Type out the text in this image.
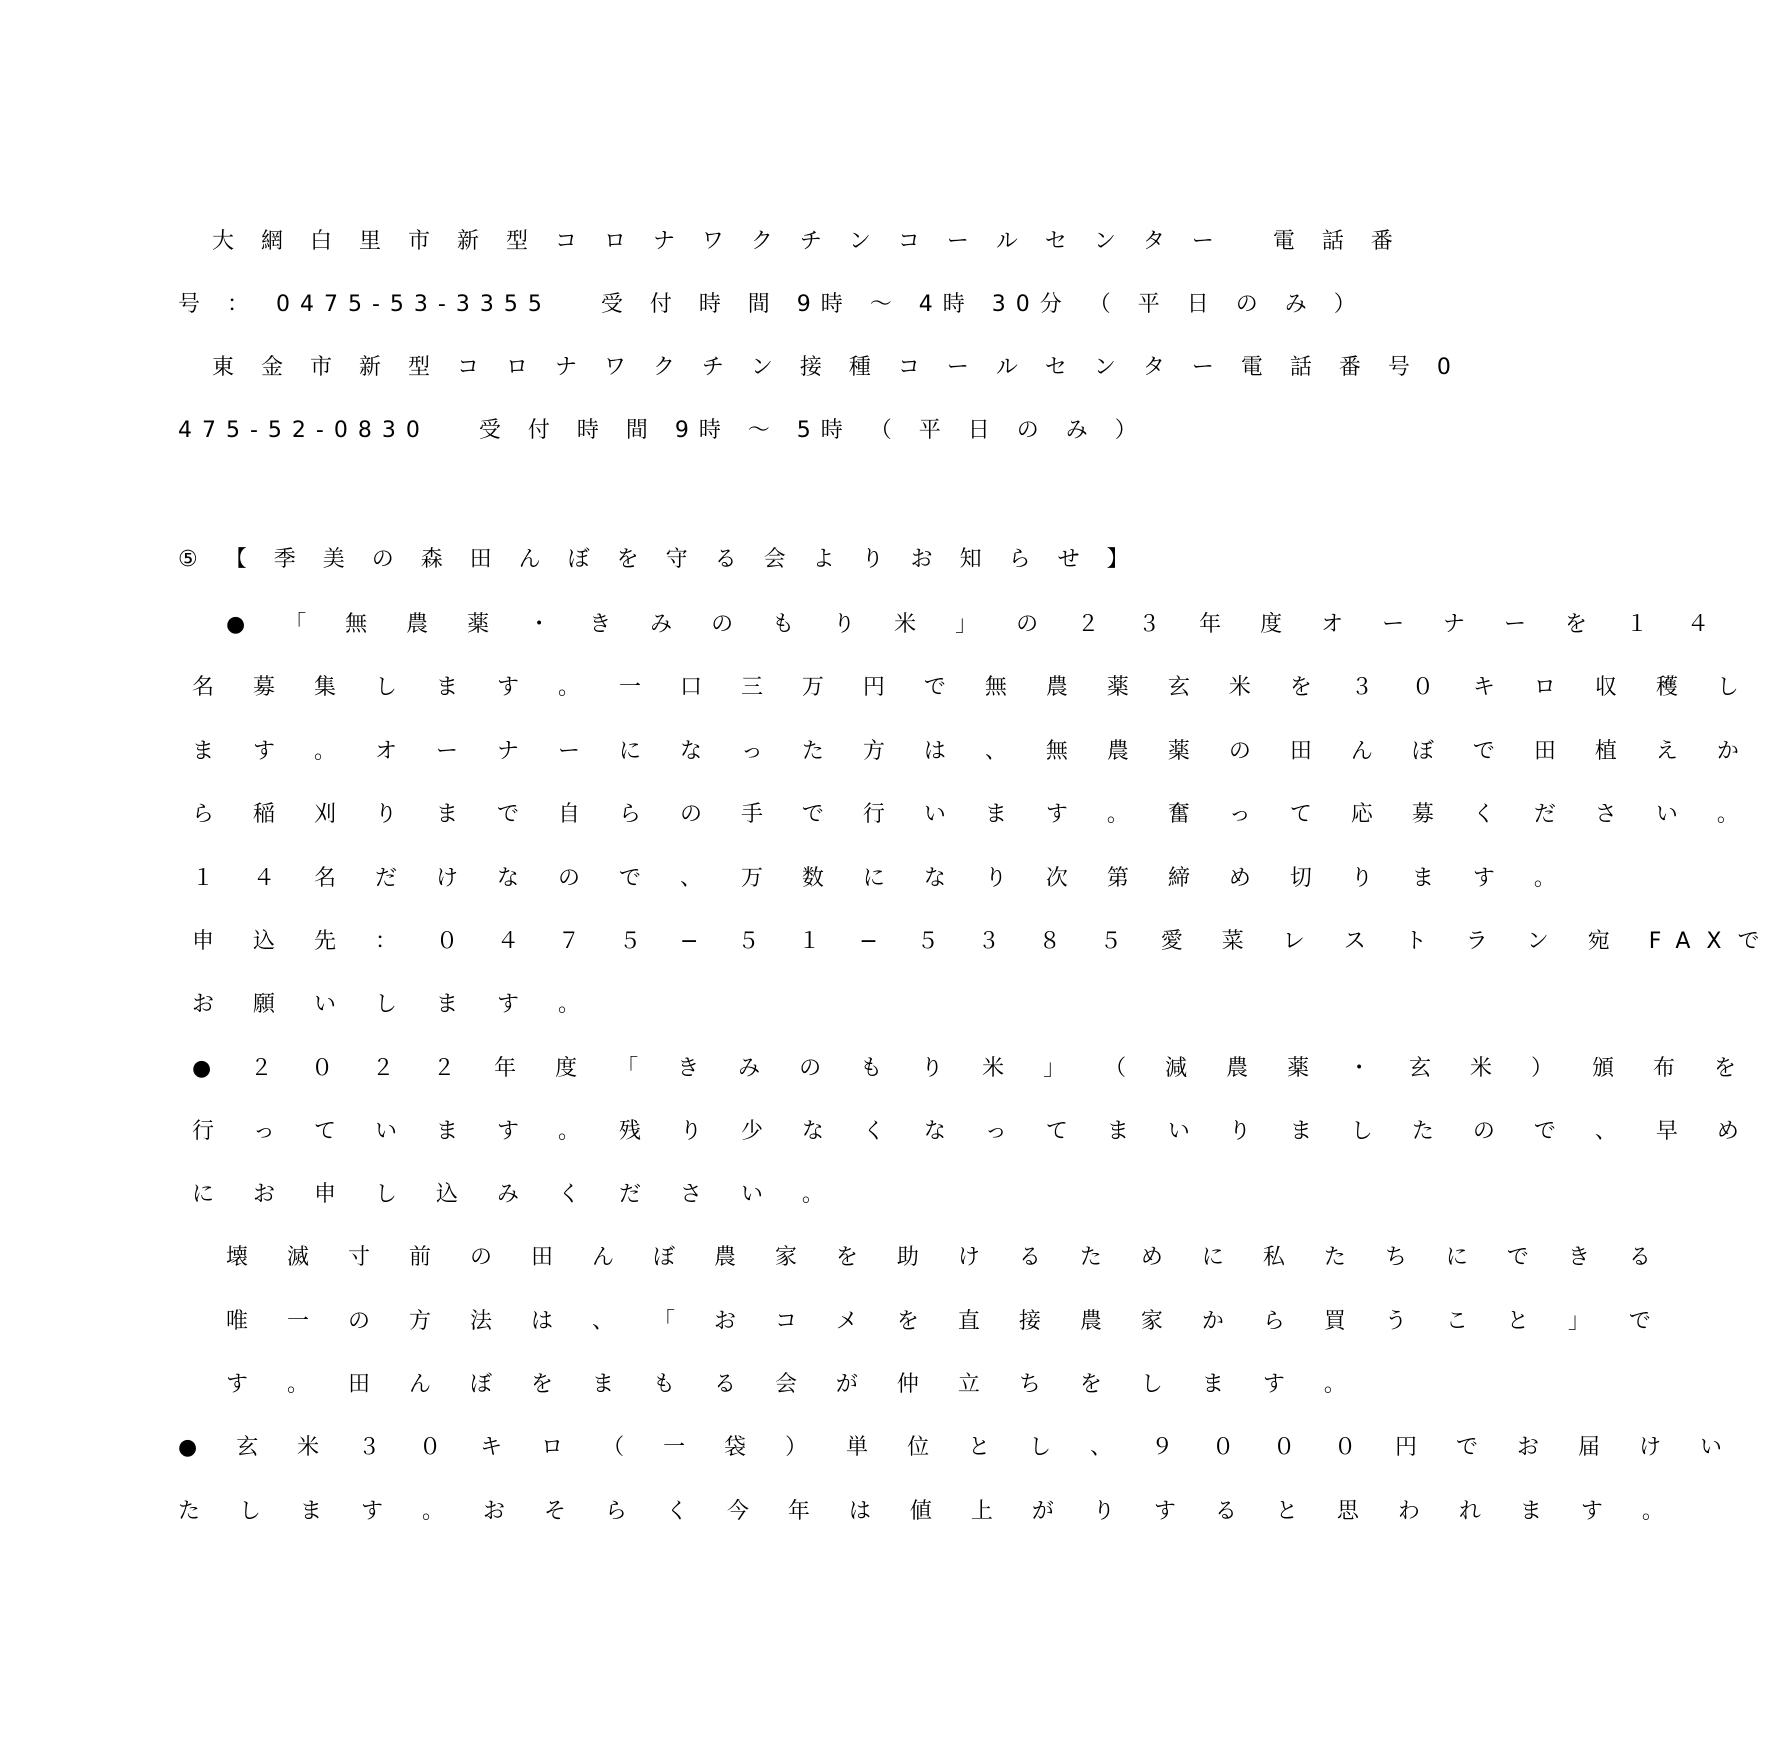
大 網 白 里 市 新 型 コ ロ ナ ワ ク チ ン コ ー ル セ ン タ ー　 電 話 番
号 ： 0475-53-3355　 受 付 時 間 9時 ～ 4時 30分 （ 平 日 の み ）
東 金 市 新 型 コ ロ ナ ワ ク チ ン 接 種 コ ー ル セ ン タ ー 電 話 番 号 0
475-52-0830　 受 付 時 間 9時 ～ 5時 （ 平 日 の み ）
⑤ 【 季 美 の 森 田 ん ぼ を 守 る 会 よ り お 知 ら せ 】
● 「 無 農 薬 ・ き み の も り 米 」 の ２ ３ 年 度 オ ー ナ ー を １ ４
名 募 集 し ま す 。 一 口 三 万 円 で 無 農 薬 玄 米 を ３ ０ キ ロ 収 穫 し
ま す 。 オ ー ナ ー に な っ た 方 は 、 無 農 薬 の 田 ん ぼ で 田 植 え か
ら 稲 刈 り ま で 自 ら の 手 で 行 い ま す 。 奮 っ て 応 募 く だ さ い 。
１ ４ 名 だ け な の で 、 万 数 に な り 次 第 締 め 切 り ま す 。
申 込 先 ： ０ ４ ７ ５ − ５ １ − ５ ３ ８ ５ 愛 菜 レ ス ト ラ ン 宛 FAXで
お 願 い し ま す 。
● ２ ０ ２ ２ 年 度 「 き み の も り 米 」 （ 減 農 薬 ・ 玄 米 ） 頒 布 を
行 っ て い ま す 。 残 り 少 な く な っ て ま い り ま し た の で 、 早 め
に お 申 し 込 み く だ さ い 。
壊 滅 寸 前 の 田 ん ぼ 農 家 を 助 け る た め に 私 た ち に で き る
唯 一 の 方 法 は 、 「 お コ メ を 直 接 農 家 か ら 買 う こ と 」 で
す 。 田 ん ぼ を ま も る 会 が 仲 立 ち を し ま す 。
● 玄 米 ３ ０ キ ロ （ 一 袋 ） 単 位 と し 、 ９ ０ ０ ０ 円 で お 届 け い
た し ま す 。 お そ ら く 今 年 は 値 上 が り す る と 思 わ れ ま す 。
